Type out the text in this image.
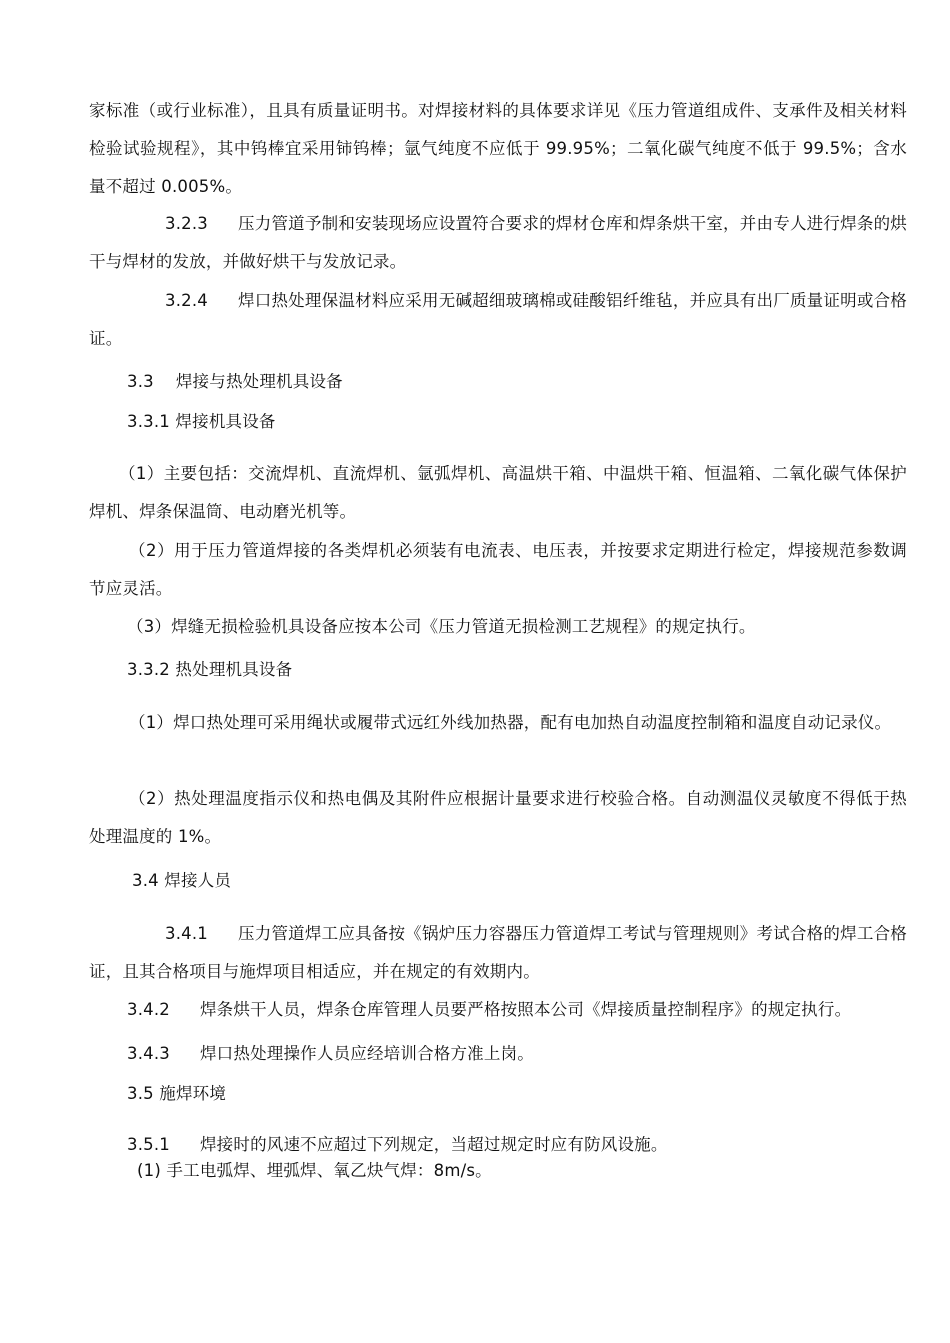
家标准（或行业标准），且具有质量证明书。对焊接材料的具体要求详见《压力管道组成件、支承件及相关材料检验试验规程》，其中钨棒宜采用铈钨棒；氩气纯度不应低于 99.95%；二氧化碳气纯度不低于 99.5%；含水量不超过 0.005%。

3.2.3 压力管道予制和安装现场应设置符合要求的焊材仓库和焊条烘干室，并由专人进行焊条的烘干与焊材的发放，并做好烘干与发放记录。

3.2.4 焊口热处理保温材料应采用无碱超细玻璃棉或硅酸铝纤维毡，并应具有出厂质量证明或合格证。

3.3 焊接与热处理机具设备

3.3.1 焊接机具设备

（1）主要包括：交流焊机、直流焊机、氩弧焊机、高温烘干箱、中温烘干箱、恒温箱、二氧化碳气体保护焊机、焊条保温筒、电动磨光机等。

（2）用于压力管道焊接的各类焊机必须装有电流表、电压表，并按要求定期进行检定，焊接规范参数调节应灵活。

（3）焊缝无损检验机具设备应按本公司《压力管道无损检测工艺规程》的规定执行。

3.3.2 热处理机具设备

（1）焊口热处理可采用绳状或履带式远红外线加热器，配有电加热自动温度控制箱和温度自动记录仪。

（2）热处理温度指示仪和热电偶及其附件应根据计量要求进行校验合格。自动测温仪灵敏度不得低于热处理温度的 1%。

3.4 焊接人员

3.4.1 压力管道焊工应具备按《锅炉压力容器压力管道焊工考试与管理规则》考试合格的焊工合格证，且其合格项目与施焊项目相适应，并在规定的有效期内。

3.4.2 焊条烘干人员，焊条仓库管理人员要严格按照本公司《焊接质量控制程序》的规定执行。

3.4.3 焊口热处理操作人员应经培训合格方准上岗。

3.5 施焊环境

3.5.1 焊接时的风速不应超过下列规定，当超过规定时应有防风设施。

(1) 手工电弧焊、埋弧焊、氧乙炔气焊：8m/s。
